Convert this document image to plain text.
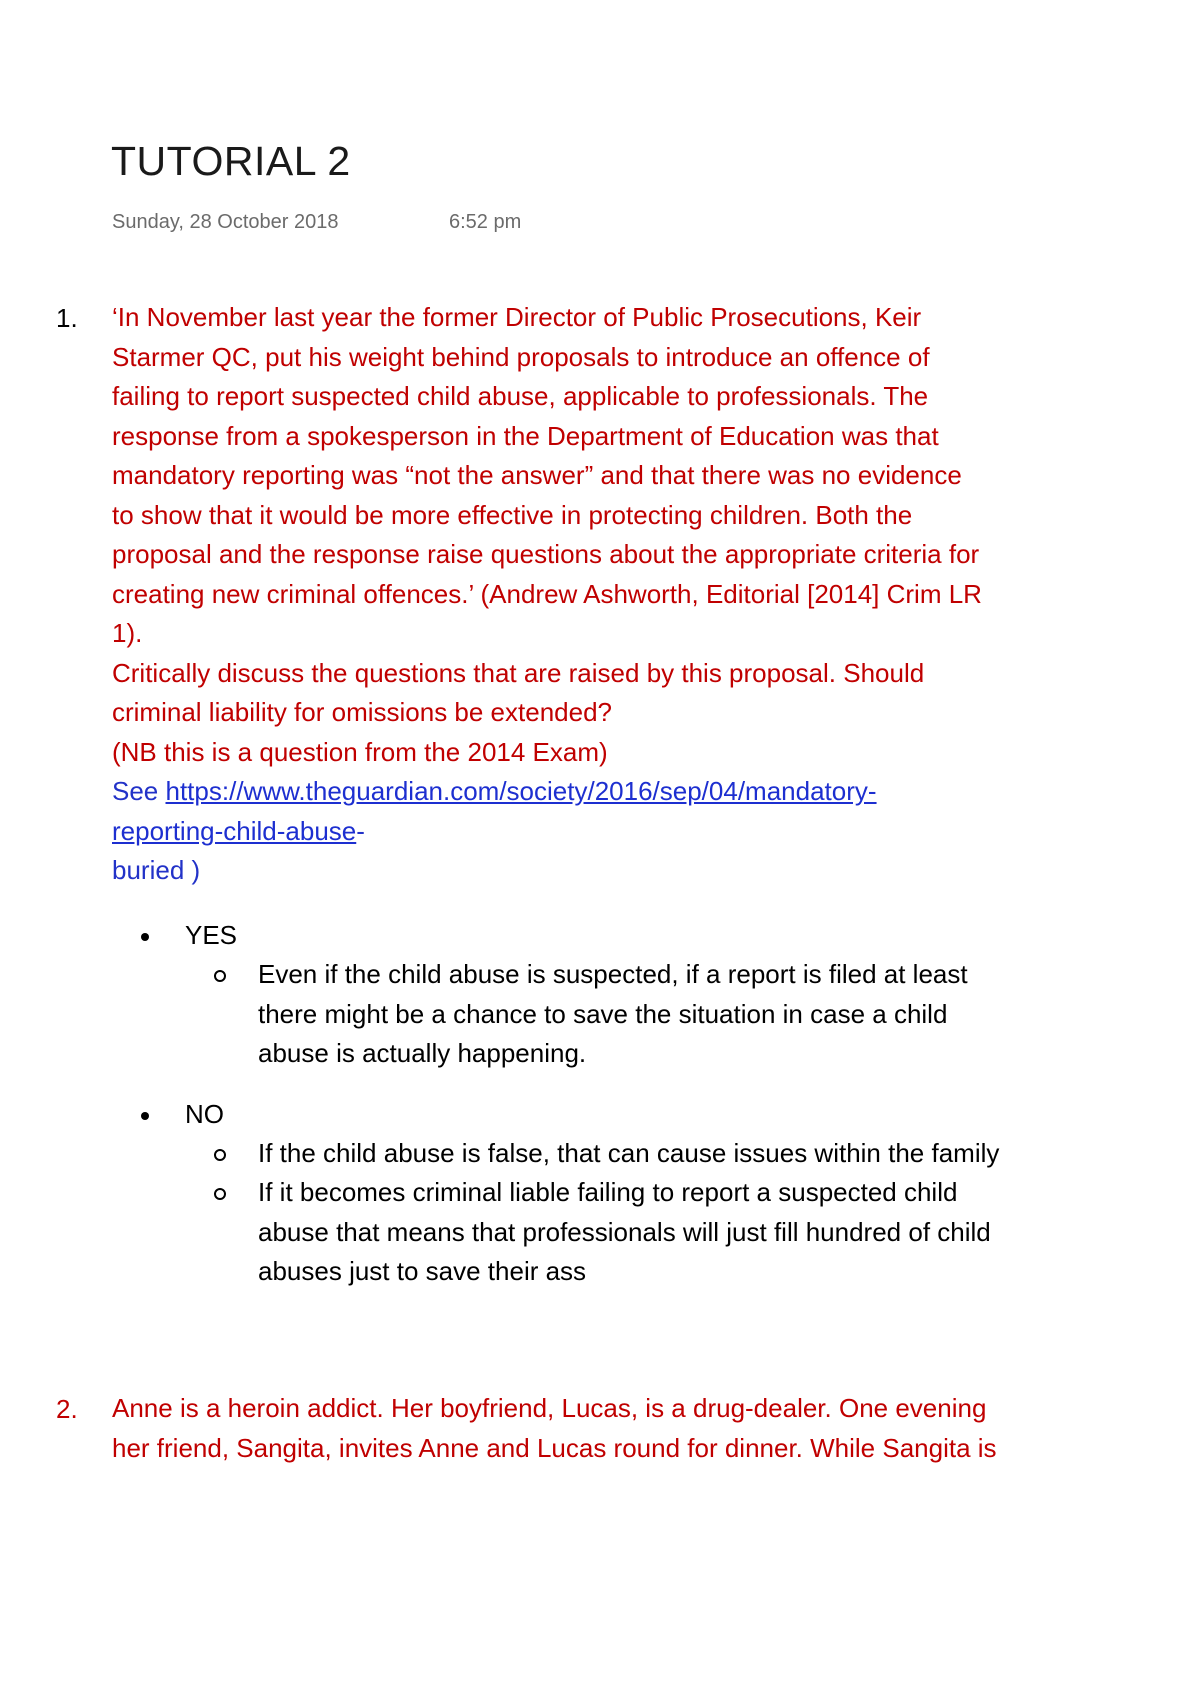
TUTORIAL 2
Sunday, 28 October 2018	6:52 pm
1. ‘In November last year the former Director of Public Prosecutions, Keir
Starmer QC, put his weight behind proposals to introduce an offence of
failing to report suspected child abuse, applicable to professionals. The
response from a spokesperson in the Department of Education was that
mandatory reporting was “not the answer” and that there was no evidence
to show that it would be more effective in protecting children. Both the
proposal and the response raise questions about the appropriate criteria for
creating new criminal offences.’ (Andrew Ashworth, Editorial [2014] Crim LR
1).
Critically discuss the questions that are raised by this proposal. Should
criminal liability for omissions be extended?
(NB this is a question from the 2014 Exam)
See https://www.theguardian.com/society/2016/sep/04/mandatory-
reporting-child-abuse-
buried )
YES
Even if the child abuse is suspected, if a report is filed at least
there might be a chance to save the situation in case a child
abuse is actually happening.
NO
If the child abuse is false, that can cause issues within the family
If it becomes criminal liable failing to report a suspected child
abuse that means that professionals will just fill hundred of child
abuses just to save their ass
2. Anne is a heroin addict. Her boyfriend, Lucas, is a drug-dealer. One evening
her friend, Sangita, invites Anne and Lucas round for dinner. While Sangita is
